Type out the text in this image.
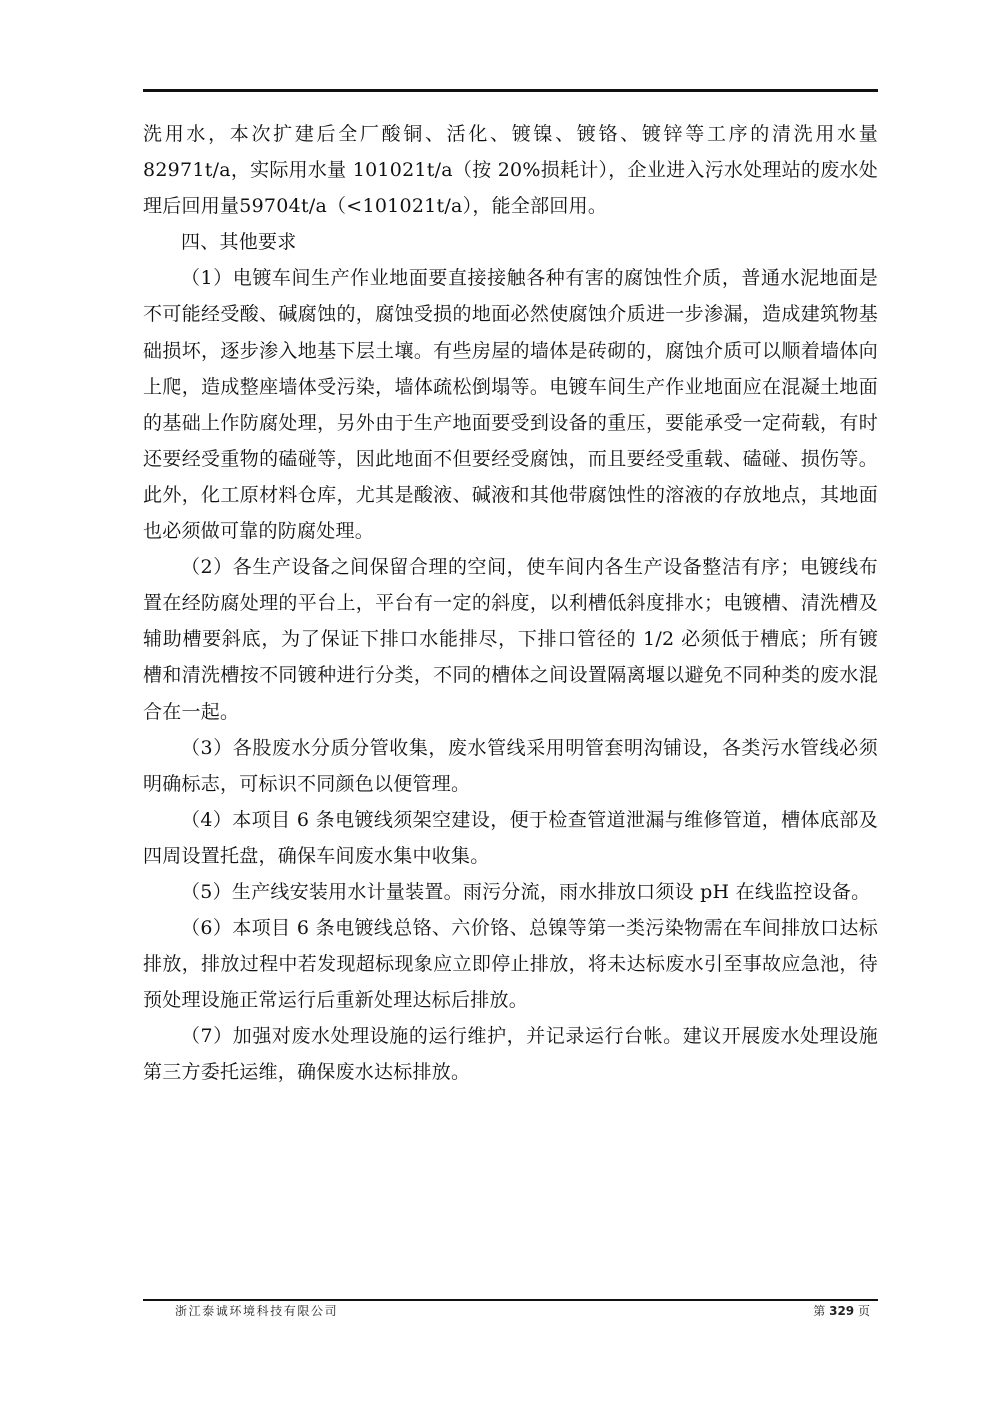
洗用水，本次扩建后全厂酸铜、活化、镀镍、镀铬、镀锌等工序的清洗用水量 82971t/a，实际用水量 101021t/a（按 20%损耗计），企业进入污水处理站的废水处理后回用量59704t/a（<101021t/a），能全部回用。

四、其他要求

（1）电镀车间生产作业地面要直接接触各种有害的腐蚀性介质，普通水泥地面是不可能经受酸、碱腐蚀的，腐蚀受损的地面必然使腐蚀介质进一步渗漏，造成建筑物基础损坏，逐步渗入地基下层土壤。有些房屋的墙体是砖砌的，腐蚀介质可以顺着墙体向上爬，造成整座墙体受污染，墙体疏松倒塌等。电镀车间生产作业地面应在混凝土地面的基础上作防腐处理，另外由于生产地面要受到设备的重压，要能承受一定荷载，有时还要经受重物的磕碰等，因此地面不但要经受腐蚀，而且要经受重载、磕碰、损伤等。此外，化工原材料仓库，尤其是酸液、碱液和其他带腐蚀性的溶液的存放地点，其地面也必须做可靠的防腐处理。

（2）各生产设备之间保留合理的空间，使车间内各生产设备整洁有序；电镀线布置在经防腐处理的平台上，平台有一定的斜度，以利槽低斜度排水；电镀槽、清洗槽及辅助槽要斜底，为了保证下排口水能排尽，下排口管径的 1/2 必须低于槽底；所有镀槽和清洗槽按不同镀种进行分类，不同的槽体之间设置隔离堰以避免不同种类的废水混合在一起。

（3）各股废水分质分管收集，废水管线采用明管套明沟铺设，各类污水管线必须明确标志，可标识不同颜色以便管理。

（4）本项目 6 条电镀线须架空建设，便于检查管道泄漏与维修管道，槽体底部及四周设置托盘，确保车间废水集中收集。

（5）生产线安装用水计量装置。雨污分流，雨水排放口须设 pH 在线监控设备。

（6）本项目 6 条电镀线总铬、六价铬、总镍等第一类污染物需在车间排放口达标排放，排放过程中若发现超标现象应立即停止排放，将未达标废水引至事故应急池，待预处理设施正常运行后重新处理达标后排放。

（7）加强对废水处理设施的运行维护，并记录运行台帐。建议开展废水处理设施第三方委托运维，确保废水达标排放。

浙江泰诚环境科技有限公司	第 329 页
